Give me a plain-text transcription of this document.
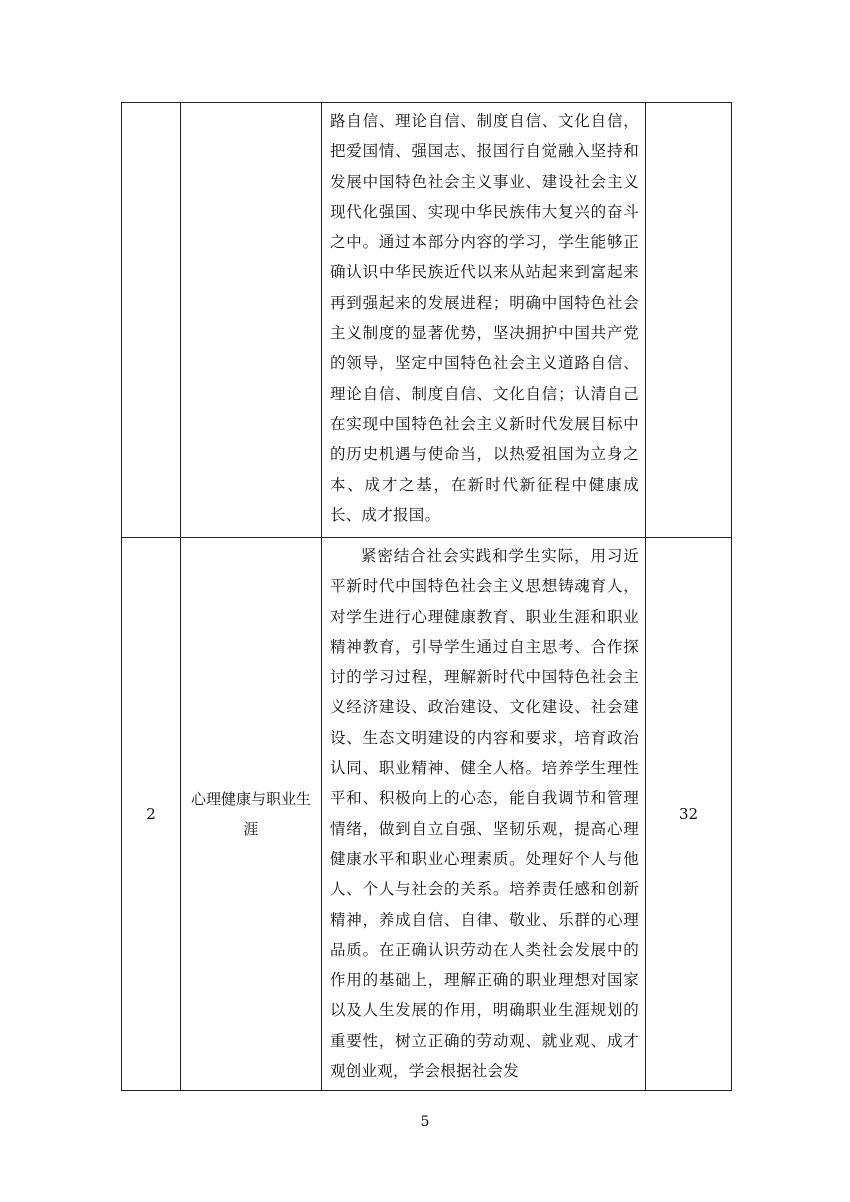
		路自信、理论自信、制度自信、文化自信，把爱国情、强国志、报国行自觉融入坚持和发展中国特色社会主义事业、建设社会主义现代化强国、实现中华民族伟大复兴的奋斗之中。通过本部分内容的学习，学生能够正确认识中华民族近代以来从站起来到富起来再到强起来的发展进程；明确中国特色社会主义制度的显著优势，坚决拥护中国共产党的领导，坚定中国特色社会主义道路自信、理论自信、制度自信、文化自信；认清自己在实现中国特色社会主义新时代发展目标中的历史机遇与使命当，以热爱祖国为立身之本、成才之基，在新时代新征程中健康成长、成才报国。	

2	心理健康与职业生涯	紧密结合社会实践和学生实际，用习近平新时代中国特色社会主义思想铸魂育人，对学生进行心理健康教育、职业生涯和职业精神教育，引导学生通过自主思考、合作探讨的学习过程，理解新时代中国特色社会主义经济建设、政治建设、文化建设、社会建设、生态文明建设的内容和要求，培育政治认同、职业精神、健全人格。培养学生理性平和、积极向上的心态，能自我调节和管理情绪，做到自立自强、坚韧乐观，提高心理健康水平和职业心理素质。处理好个人与他人、个人与社会的关系。培养责任感和创新精神，养成自信、自律、敬业、乐群的心理品质。在正确认识劳动在人类社会发展中的作用的基础上，理解正确的职业理想对国家以及人生发展的作用，明确职业生涯规划的重要性，树立正确的劳动观、就业观、成才观创业观，学会根据社会发	32
5
